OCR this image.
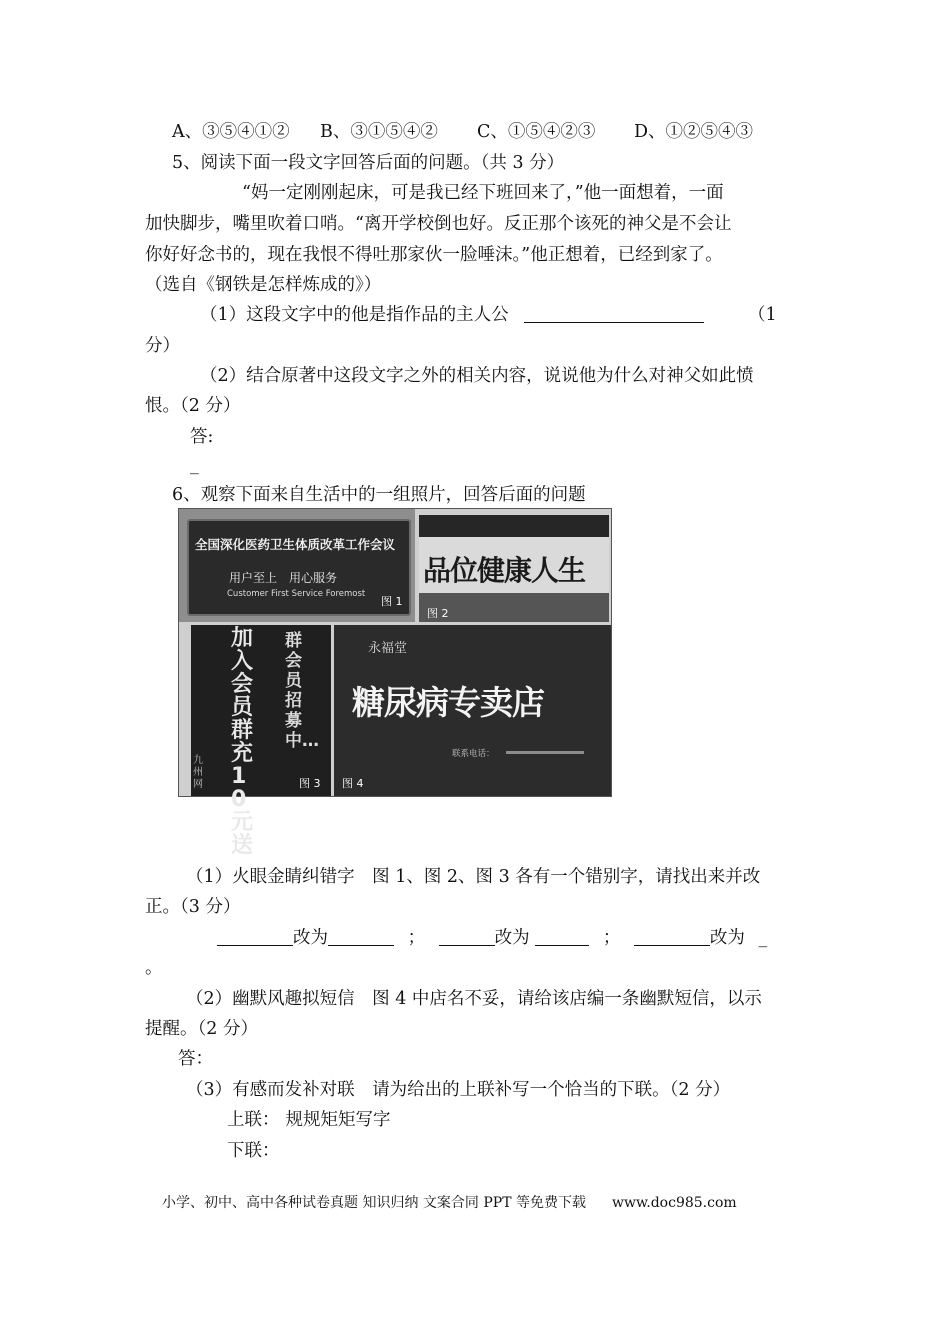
A、③⑤④①② B、③①⑤④② C、①⑤④②③ D、①②⑤④③
5、阅读下面一段文字回答后面的问题。（共 3 分）
“妈一定刚刚起床，可是我已经下班回来了，”他一面想着，一面
加快脚步，嘴里吹着口哨。“离开学校倒也好。反正那个该死的神父是不会让
你好好念书的，现在我恨不得吐那家伙一脸唾沫。”他正想着，已经到家了。
（选自《钢铁是怎样炼成的》）
（1）这段文字中的他是指作品的主人公	（1
分）
（2）结合原著中这段文字之外的相关内容，说说他为什么对神父如此愤
恨。（2 分）
答:
_
6、观察下面来自生活中的一组照片，回答后面的问题
全国深化医药卫生体质改革工作会议
用户至上　用心服务
Customer First Service Foremost
图 1
品位健康人生
图 2
加入会员群充10元送
群会员招募中…
九州网	图 3
永福堂
糖尿病专卖店
联系电话：
图 4
（1）火眼金睛纠错字　图 1、图 2、图 3 各有一个错别字，请找出来并改
正。（3 分）
改为	；	改为	；	改为 _
。
（2）幽默风趣拟短信　图 4 中店名不妥，请给该店编一条幽默短信，以示
提醒。（2 分）
答：
（3）有感而发补对联　请为给出的上联补写一个恰当的下联。（2 分）
上联： 规规矩矩写字
下联：
小学、初中、高中各种试卷真题 知识归纳 文案合同 PPT 等免费下载 www.doc985.com
